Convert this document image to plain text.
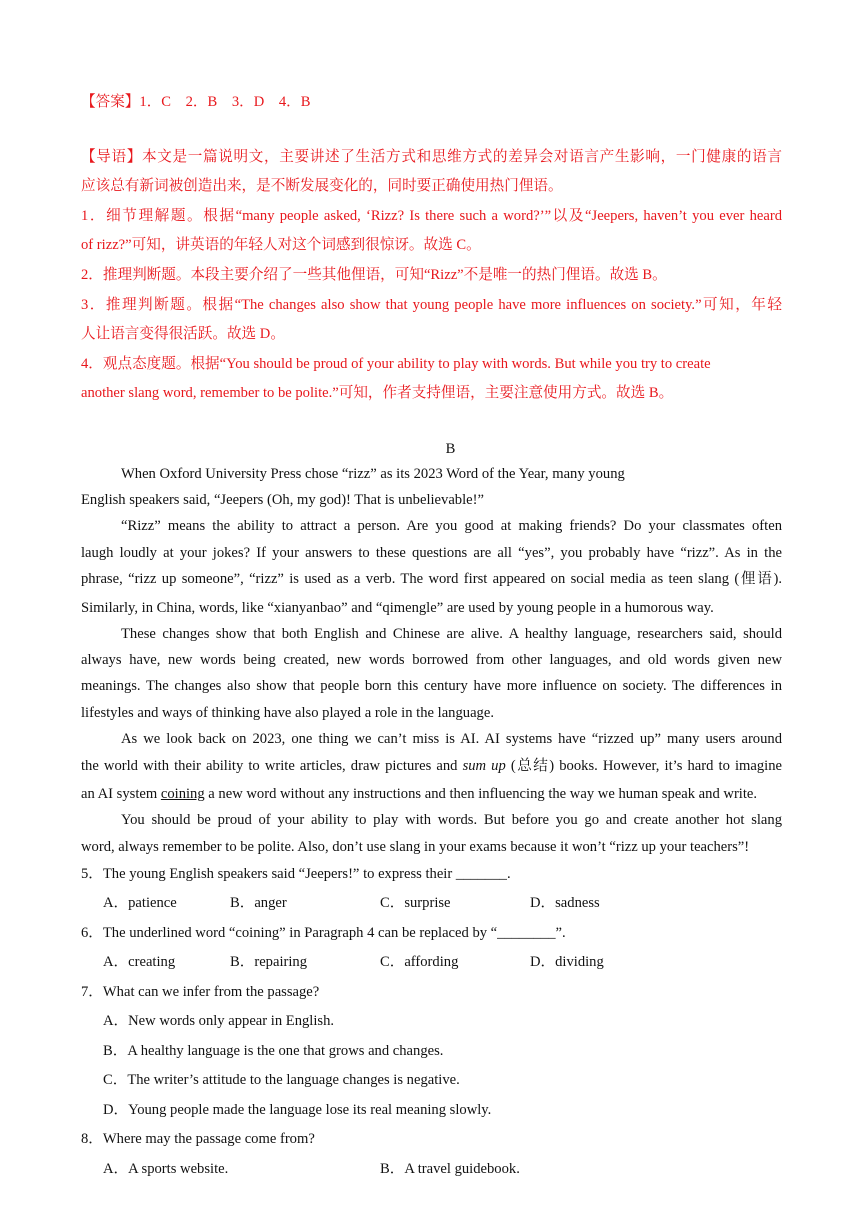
【答案】1．C　2．B　3．D　4．B
【导语】本文是一篇说明文，主要讲述了生活方式和思维方式的差异会对语言产生影响，一门健康的语言
应该总有新词被创造出来，是不断发展变化的，同时要正确使用热门俚语。
1．细节理解题。根据“many people asked, ‘Rizz? Is there such a word?’”以及“Jeepers, haven’t you ever heard
of rizz?”可知，讲英语的年轻人对这个词感到很惊讶。故选 C。
2．推理判断题。本段主要介绍了一些其他俚语，可知“Rizz”不是唯一的热门俚语。故选 B。
3．推理判断题。根据“The changes also show that young people have more influences on society.”可知，年轻
人让语言变得很活跃。故选 D。
4．观点态度题。根据“You should be proud of your ability to play with words. But while you try to create
another slang word, remember to be polite.”可知，作者支持俚语，主要注意使用方式。故选 B。
B
When Oxford University Press chose “rizz” as its 2023 Word of the Year, many young
English speakers said, “Jeepers (Oh, my god)! That is unbelievable!”
“Rizz” means the ability to attract a person. Are you good at making friends? Do your classmates often
laugh loudly at your jokes? If your answers to these questions are all “yes”, you probably have “rizz”. As in the
phrase, “rizz up someone”, “rizz” is used as a verb. The word first appeared on social media as teen slang (俚语).
Similarly, in China, words, like “xianyanbao” and “qimengle” are used by young people in a humorous way.
These changes show that both English and Chinese are alive. A healthy language, researchers said, should
always have, new words being created, new words borrowed from other languages, and old words given new
meanings. The changes also show that people born this century have more influence on society. The differences in
lifestyles and ways of thinking have also played a role in the language.
As we look back on 2023, one thing we can’t miss is AI. AI systems have “rizzed up” many users around
the world with their ability to write articles, draw pictures and sum up (总结) books. However, it’s hard to imagine
an AI system coining a new word without any instructions and then influencing the way we human speak and write.
You should be proud of your ability to play with words. But before you go and create another hot slang
word, always remember to be polite. Also, don’t use slang in your exams because it won’t “rizz up your teachers”!
5．The young English speakers said “Jeepers!” to express their _______.
A．patience	B．anger	C．surprise	D．sadness
6．The underlined word “coining” in Paragraph 4 can be replaced by “________”.
A．creating	B．repairing	C．affording	D．dividing
7．What can we infer from the passage?
A．New words only appear in English.
B．A healthy language is the one that grows and changes.
C．The writer’s attitude to the language changes is negative.
D．Young people made the language lose its real meaning slowly.
8．Where may the passage come from?
A．A sports website.	B．A travel guidebook.
